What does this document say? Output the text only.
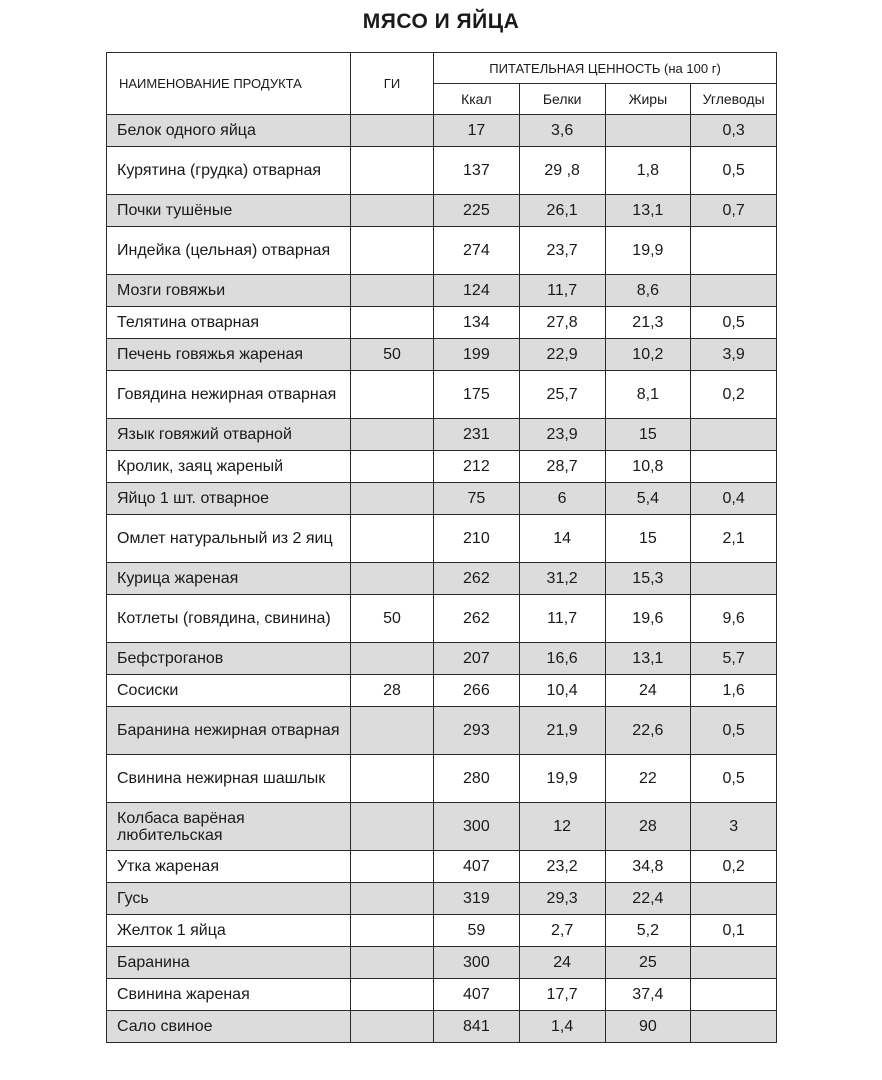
МЯСО И ЯЙЦА
НАИМЕНОВАНИЕ ПРОДУКТА	ГИ	ПИТАТЕЛЬНАЯ ЦЕННОСТЬ (на 100 г)			
		Ккал	Белки	Жиры	Углеводы
Белок одного яйца		17	3,6		0,3
Курятина (грудка) отварная		137	29 ,8	1,8	0,5
Почки тушёные		225	26,1	13,1	0,7
Индейка (цельная) отварная		274	23,7	19,9	
Мозги говяжьи		124	11,7	8,6	
Телятина отварная		134	27,8	21,3	0,5
Печень говяжья жареная	50	199	22,9	10,2	3,9
Говядина нежирная отварная		175	25,7	8,1	0,2
Язык говяжий отварной		231	23,9	15	
Кролик, заяц жареный		212	28,7	10,8	
Яйцо 1 шт. отварное		75	6	5,4	0,4
Омлет натуральный из 2 яиц		210	14	15	2,1
Курица жареная		262	31,2	15,3	
Котлеты (говядина, свинина)	50	262	11,7	19,6	9,6
Бефстроганов		207	16,6	13,1	5,7
Сосиски	28	266	10,4	24	1,6
Баранина нежирная отварная		293	21,9	22,6	0,5
Свинина нежирная шашлык		280	19,9	22	0,5
Колбаса варёная любительская		300	12	28	3
Утка жареная		407	23,2	34,8	0,2
Гусь		319	29,3	22,4	
Желток 1 яйца		59	2,7	5,2	0,1
Баранина		300	24	25	
Свинина жареная		407	17,7	37,4	
Сало свиное		841	1,4	90	
